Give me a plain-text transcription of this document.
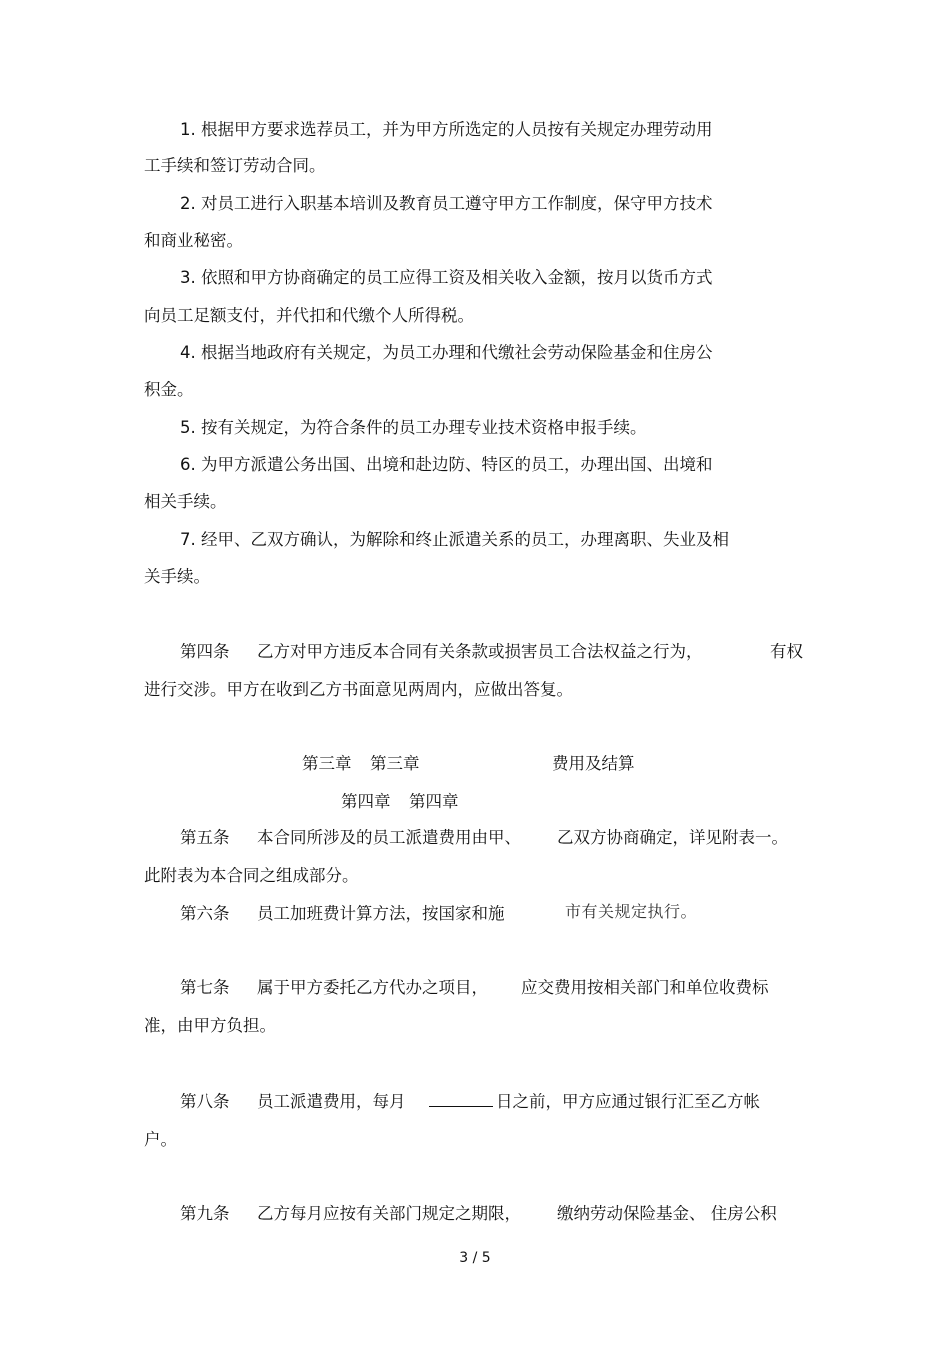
1. 根据甲方要求选荐员工，并为甲方所选定的人员按有关规定办理劳动用
工手续和签订劳动合同。
2. 对员工进行入职基本培训及教育员工遵守甲方工作制度，保守甲方技术
和商业秘密。
3. 依照和甲方协商确定的员工应得工资及相关收入金额，按月以货币方式
向员工足额支付，并代扣和代缴个人所得税。
4. 根据当地政府有关规定，为员工办理和代缴社会劳动保险基金和住房公
积金。
5. 按有关规定，为符合条件的员工办理专业技术资格申报手续。
6. 为甲方派遣公务出国、出境和赴边防、特区的员工，办理出国、出境和
相关手续。
7. 经甲、乙双方确认，为解除和终止派遣关系的员工，办理离职、失业及相
关手续。
第四条 乙方对甲方违反本合同有关条款或损害员工合法权益之行为，	有权
进行交涉。甲方在收到乙方书面意见两周内，应做出答复。
第三章 第三章	费用及结算
第四章 第四章
第五条 本合同所涉及的员工派遣费用由甲、 乙双方协商确定，详见附表一。
此附表为本合同之组成部分。
第六条 员工加班费计算方法，按国家和施	市有关规定执行。
第七条 属于甲方委托乙方代办之项目， 应交费用按相关部门和单位收费标
准，由甲方负担。
第八条 员工派遣费用，每月	日之前，甲方应通过银行汇至乙方帐
户。
第九条 乙方每月应按有关部门规定之期限， 缴纳劳动保险基金、 住房公积
3 / 5
